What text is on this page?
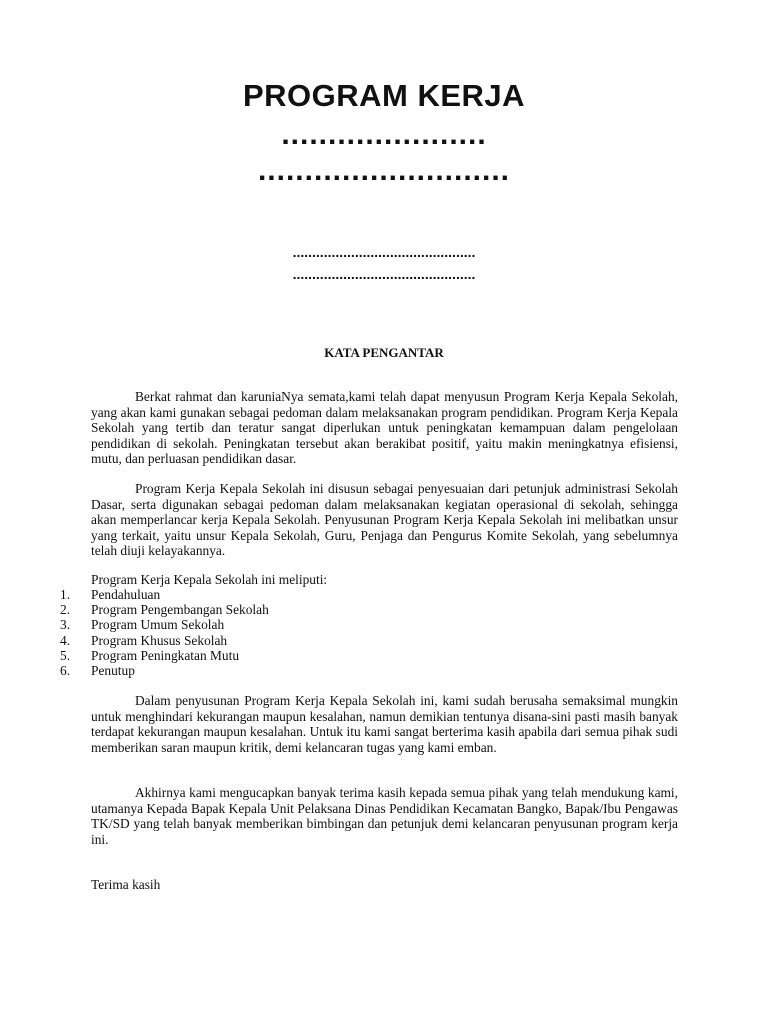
PROGRAM KERJA
......................
...........................
...............................................
...............................................
KATA PENGANTAR

Berkat rahmat dan karuniaNya semata,kami telah dapat menyusun Program Kerja Kepala Sekolah, yang akan kami gunakan sebagai pedoman dalam melaksanakan program pendidikan. Program Kerja Kepala Sekolah yang tertib dan teratur sangat diperlukan untuk peningkatan kemampuan dalam pengelolaan pendidikan di sekolah. Peningkatan tersebut akan berakibat positif, yaitu makin meningkatnya efisiensi, mutu, dan perluasan pendidikan dasar.

Program Kerja Kepala Sekolah ini disusun sebagai penyesuaian dari petunjuk administrasi Sekolah Dasar, serta digunakan sebagai pedoman dalam melaksanakan kegiatan operasional di sekolah, sehingga akan memperlancar kerja Kepala Sekolah. Penyusunan Program Kerja Kepala Sekolah ini melibatkan unsur yang terkait, yaitu unsur Kepala Sekolah, Guru, Penjaga dan Pengurus Komite Sekolah, yang sebelumnya telah diuji kelayakannya.

Program Kerja Kepala Sekolah ini meliputi:

1.	Pendahuluan
2.	Program Pengembangan Sekolah
3.	Program Umum Sekolah
4.	Program Khusus Sekolah
5.	Program Peningkatan Mutu
6.	Penutup

Dalam penyusunan Program Kerja Kepala Sekolah ini, kami sudah berusaha semaksimal mungkin untuk menghindari kekurangan maupun kesalahan, namun demikian tentunya disana-sini pasti masih banyak terdapat kekurangan maupun kesalahan. Untuk itu kami sangat berterima kasih apabila dari semua pihak sudi memberikan saran maupun kritik, demi kelancaran tugas yang kami emban.

Akhirnya kami mengucapkan banyak terima kasih kepada semua pihak yang telah mendukung kami, utamanya Kepada Bapak Kepala Unit Pelaksana Dinas Pendidikan Kecamatan Bangko, Bapak/Ibu Pengawas TK/SD yang telah banyak memberikan bimbingan dan petunjuk demi kelancaran penyusunan program kerja ini.

Terima kasih
